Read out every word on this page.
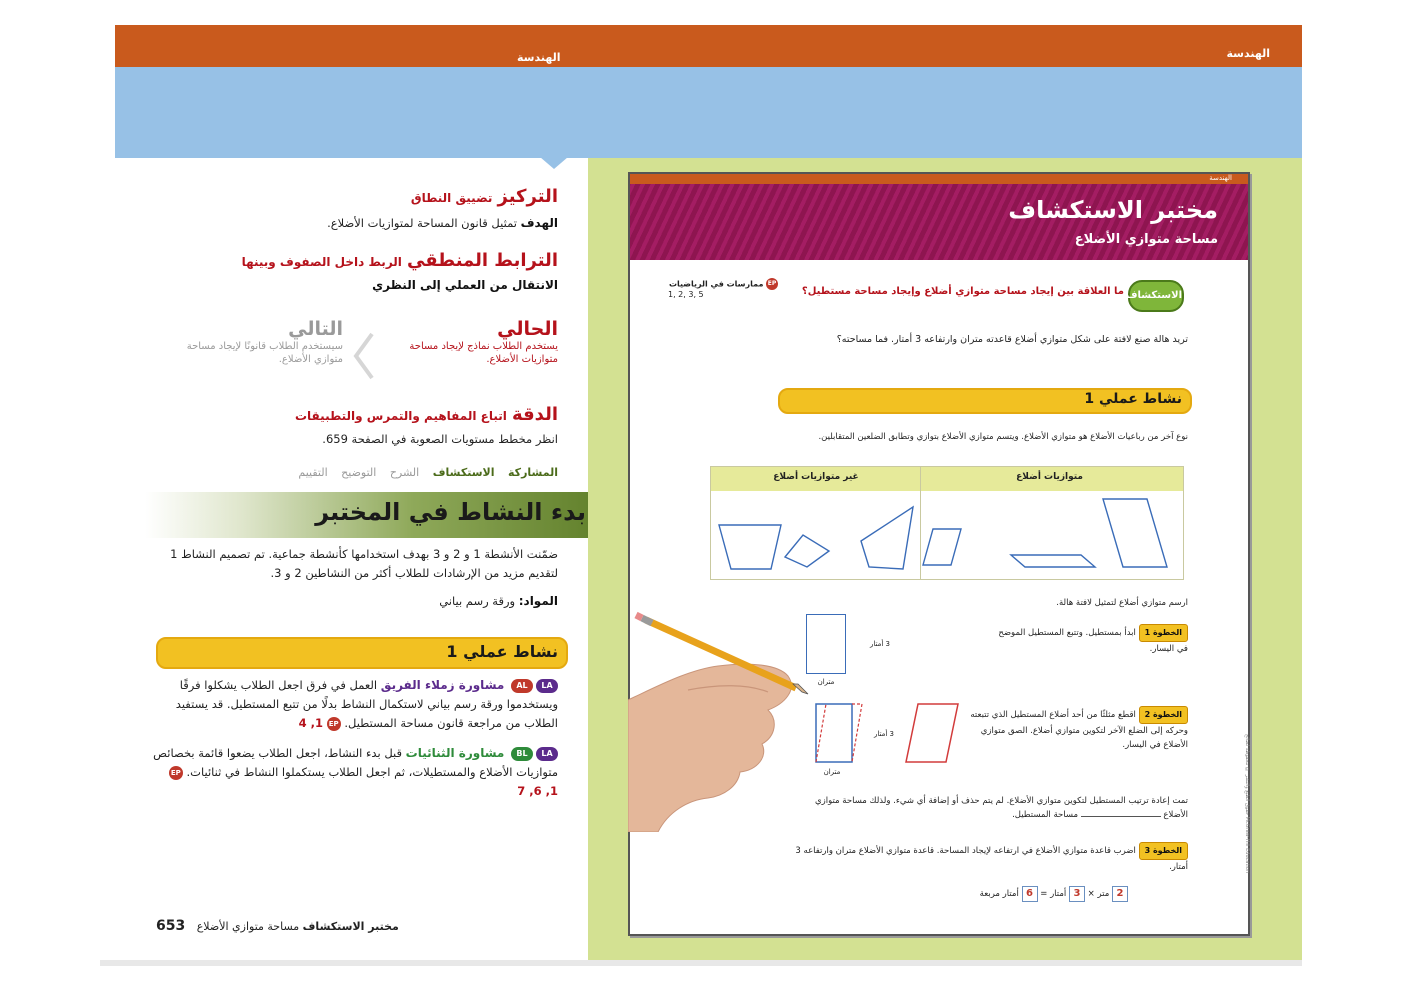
الهندسة	الهندسة
التركيز تضييق النطاق
الهدف تمثيل قانون المساحة لمتوازيات الأضلاع.
الترابط المنطقي الربط داخل الصفوف وبينها
الانتقال من العملي إلى النظري
الحالي
يستخدم الطلاب نماذج لإيجاد مساحة متوازيات الأضلاع.
التالي
سيستخدم الطلاب قانونًا لإيجاد مساحة متوازي الأضلاع.
الدقة اتباع المفاهيم والتمرس والتطبيقات
انظر مخطط مستويات الصعوبة في الصفحة 659.
المشاركة الاستكشاف الشرح التوضيح التقييم
بدء النشاط في المختبر
ضمّنت الأنشطة 1 و 2 و 3 بهدف استخدامها كأنشطة جماعية. تم تصميم النشاط 1 لتقديم مزيد من الإرشادات للطلاب أكثر من النشاطين 2 و 3.
المواد: ورقة رسم بياني
نشاط عملي 1
LAAL مشاورة زملاء الفريق العمل في فرق اجعل الطلاب يشكلوا فرقًا ويستخدموا ورقة رسم بياني لاستكمال النشاط بدلًا من تتبع المستطيل. قد يستفيد الطلاب من مراجعة قانون مساحة المستطيل. EP 1, 4
LABL مشاورة الثنائيات قبل بدء النشاط، اجعل الطلاب يضعوا قائمة بخصائص متوازيات الأضلاع والمستطيلات، ثم اجعل الطلاب يستكملوا النشاط في ثنائيات. EP 1, 6, 7
مختبر الاستكشاف مساحة متوازي الأضلاع 653
الهندسة
مختبر الاستكشاف
مساحة متوازي الأضلاع
الاستكشاف
ما العلاقة بين إيجاد مساحة متوازي أضلاع وإيجاد مساحة مستطيل؟
EP ممارسات في الرياضيات
1, 2, 3, 5
تريد هالة صنع لافتة على شكل متوازي أضلاع قاعدته متران وارتفاعه 3 أمتار. فما مساحته؟
نشاط عملي 1
نوع آخر من رباعيات الأضلاع هو متوازي الأضلاع. ويتسم متوازي الأضلاع بتوازي وتطابق الضلعين المتقابلين.
متوازيات أضلاع
غير متوازيات أضلاع
ارسم متوازي أضلاع لتمثيل لافتة هالة.
الخطوة 1 ابدأ بمستطيل. وتتبع المستطيل الموضح في اليسار.
3 أمتار
متران
الخطوة 2 اقطع مثلثًا من أحد أضلاع المستطيل الذي تتبعته وحركه إلى الضلع الآخر لتكوين متوازي أضلاع. الصق متوازي الأضلاع في اليسار.
3 أمتار
متران
تمت إعادة ترتيب المستطيل لتكوين متوازي الأضلاع. لم يتم حذف أو إضافة أي شيء. ولذلك مساحة متوازي الأضلاع  مساحة المستطيل.
الخطوة 3 اضرب قاعدة متوازي الأضلاع في ارتفاعه لإيجاد المساحة. قاعدة متوازي الأضلاع متران وارتفاعه 3 أمتار.
2 متر × 3 أمتار = 6 أمتار مربعة
حقوق الطبع والنشر © محفوظة لصالح McGraw-Hill Education
